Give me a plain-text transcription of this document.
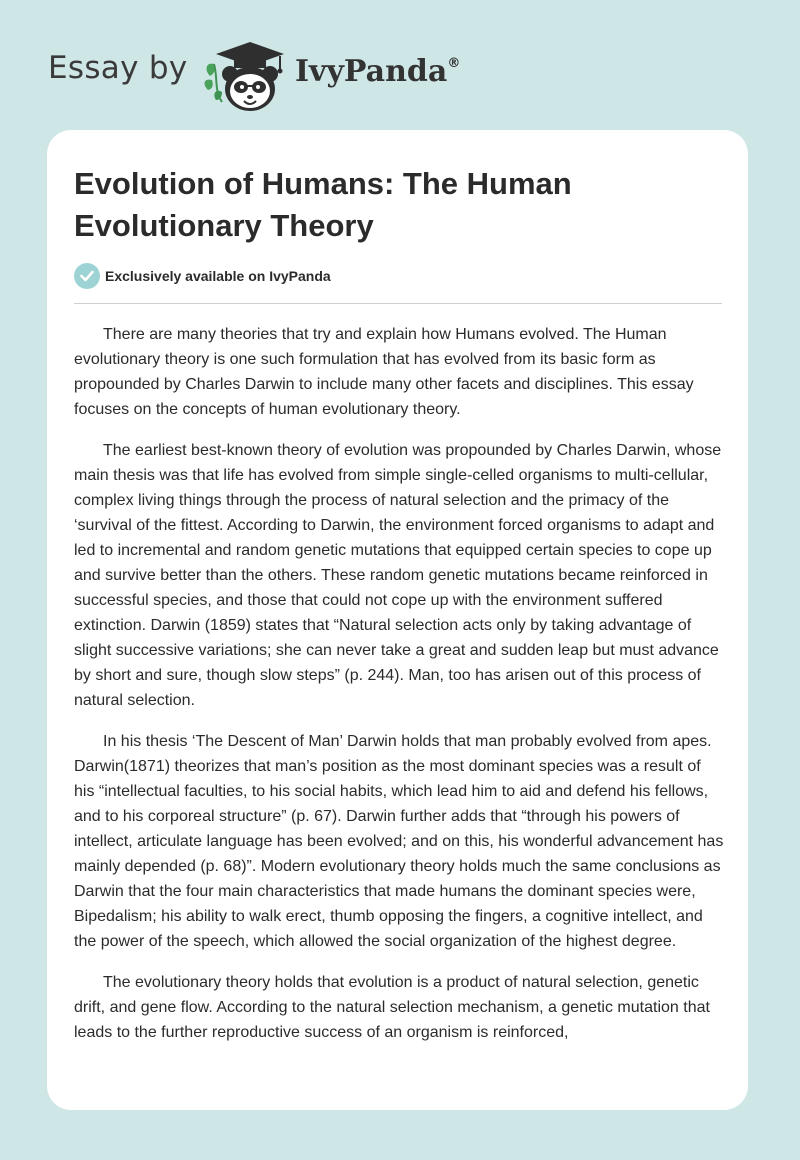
Essay by	IvyPanda®
Evolution of Humans: The Human Evolutionary Theory
Exclusively available on IvyPanda

There are many theories that try and explain how Humans evolved. The Human evolutionary theory is one such formulation that has evolved from its basic form as propounded by Charles Darwin to include many other facets and disciplines. This essay focuses on the concepts of human evolutionary theory.

The earliest best-known theory of evolution was propounded by Charles Darwin, whose main thesis was that life has evolved from simple single-celled organisms to multi-cellular, complex living things through the process of natural selection and the primacy of the ‘survival of the fittest. According to Darwin, the environment forced organisms to adapt and led to incremental and random genetic mutations that equipped certain species to cope up and survive better than the others. These random genetic mutations became reinforced in successful species, and those that could not cope up with the environment suffered extinction. Darwin (1859) states that “Natural selection acts only by taking advantage of slight successive variations; she can never take a great and sudden leap but must advance by short and sure, though slow steps” (p. 244). Man, too has arisen out of this process of natural selection.

In his thesis ‘The Descent of Man’ Darwin holds that man probably evolved from apes. Darwin(1871) theorizes that man’s position as the most dominant species was a result of his “intellectual faculties, to his social habits, which lead him to aid and defend his fellows, and to his corporeal structure” (p. 67). Darwin further adds that “through his powers of intellect, articulate language has been evolved; and on this, his wonderful advancement has mainly depended (p. 68)”. Modern evolutionary theory holds much the same conclusions as Darwin that the four main characteristics that made humans the dominant species were, Bipedalism; his ability to walk erect, thumb opposing the fingers, a cognitive intellect, and the power of the speech, which allowed the social organization of the highest degree.

The evolutionary theory holds that evolution is a product of natural selection, genetic drift, and gene flow. According to the natural selection mechanism, a genetic mutation that leads to the further reproductive success of an organism is reinforced,
